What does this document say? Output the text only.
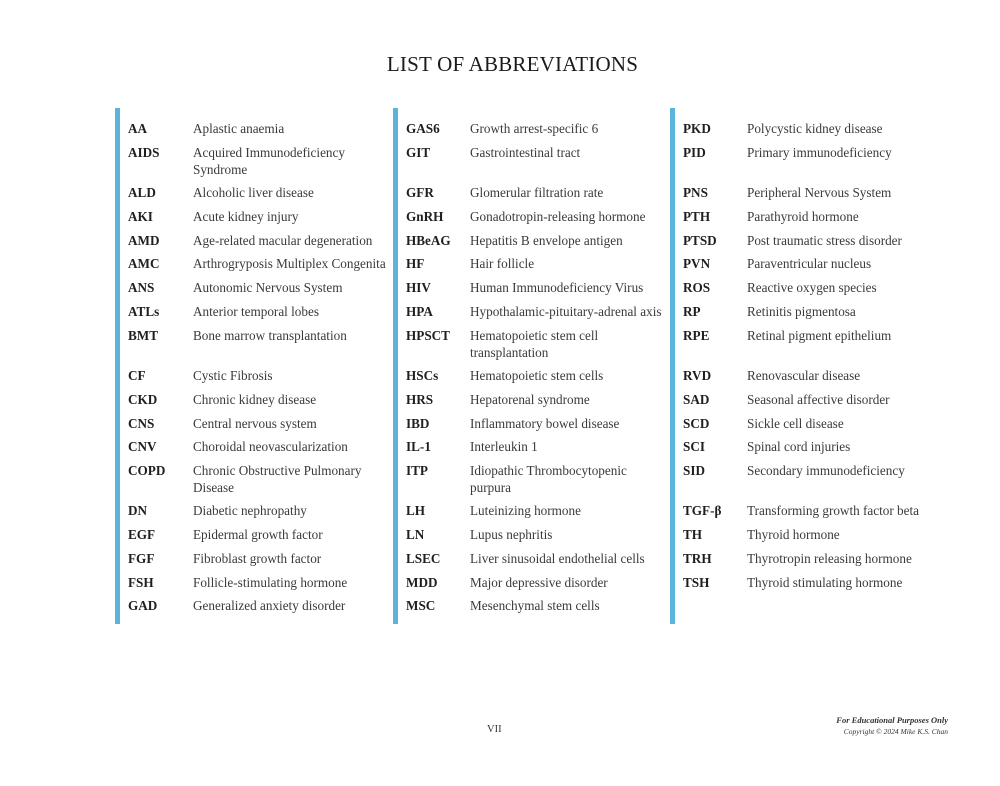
LIST OF ABBREVIATIONS
AA	Aplastic anaemia
AIDS	Acquired Immunodeficiency Syndrome
ALD	Alcoholic liver disease
AKI	Acute kidney injury
AMD	Age-related macular degeneration
AMC	Arthrogryposis Multiplex Congenita
ANS	Autonomic Nervous System
ATLs	Anterior temporal lobes
BMT	Bone marrow transplantation
CF	Cystic Fibrosis
CKD	Chronic kidney disease
CNS	Central nervous system
CNV	Choroidal neovascularization
COPD Chronic Obstructive Pulmonary Disease
DN	Diabetic nephropathy
EGF	Epidermal growth factor
FGF	Fibroblast growth factor
FSH	Follicle-stimulating hormone
GAD	Generalized anxiety disorder
GAS6 Growth arrest-specific 6
GIT	Gastrointestinal tract
GFR	Glomerular filtration rate
GnRH Gonadotropin-releasing hormone
HBeAG Hepatitis B envelope antigen
HF	Hair follicle
HIV	Human Immunodeficiency Virus
HPA	Hypothalamic-pituitary-adrenal axis
HPSCT Hematopoietic stem cell transplantation
HSCs Hematopoietic stem cells
HRS	Hepatorenal syndrome
IBD	Inflammatory bowel disease
IL-1	Interleukin 1
ITP	Idiopathic Thrombocytopenic purpura
LH	Luteinizing hormone
LN	Lupus nephritis
LSEC Liver sinusoidal endothelial cells
MDD Major depressive disorder
MSC	Mesenchymal stem cells
PKD	Polycystic kidney disease
PID	Primary immunodeficiency
PNS	Peripheral Nervous System
PTH	Parathyroid hormone
PTSD Post traumatic stress disorder
PVN	Paraventricular nucleus
ROS	Reactive oxygen species
RP	Retinitis pigmentosa
RPE	Retinal pigment epithelium
RVD	Renovascular disease
SAD	Seasonal affective disorder
SCD	Sickle cell disease
SCI	Spinal cord injuries
SID	Secondary immunodeficiency
TGF-β Transforming growth factor beta
TH	Thyroid hormone
TRH	Thyrotropin releasing hormone
TSH	Thyroid stimulating hormone
VII
For Educational Purposes Only
Copyright © 2024 Mike K.S. Chan
